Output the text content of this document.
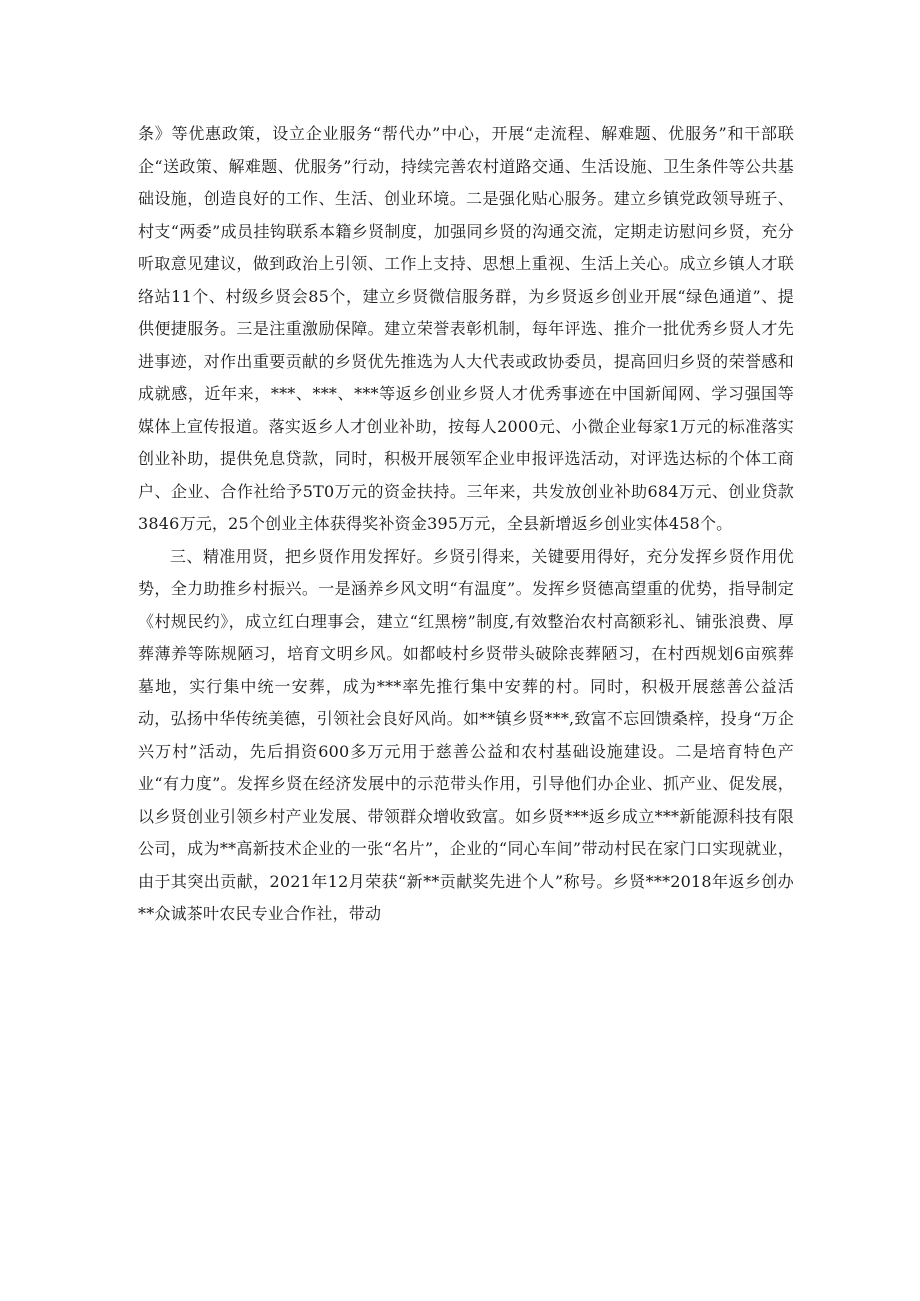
条》等优惠政策，设立企业服务“帮代办”中心，开展“走流程、解难题、优服务”和干部联企“送政策、解难题、优服务”行动，持续完善农村道路交通、生活设施、卫生条件等公共基础设施，创造良好的工作、生活、创业环境。二是强化贴心服务。建立乡镇党政领导班子、村支“两委”成员挂钩联系本籍乡贤制度，加强同乡贤的沟通交流，定期走访慰问乡贤，充分听取意见建议，做到政治上引领、工作上支持、思想上重视、生活上关心。成立乡镇人才联络站11个、村级乡贤会85个，建立乡贤微信服务群，为乡贤返乡创业开展“绿色通道”、提供便捷服务。三是注重激励保障。建立荣誉表彰机制，每年评选、推介一批优秀乡贤人才先进事迹，对作出重要贡献的乡贤优先推选为人大代表或政协委员，提高回归乡贤的荣誉感和成就感，近年来，***、***、***等返乡创业乡贤人才优秀事迹在中国新闻网、学习强国等媒体上宣传报道。落实返乡人才创业补助，按每人2000元、小微企业每家1万元的标准落实创业补助，提供免息贷款，同时，积极开展领军企业申报评选活动，对评选达标的个体工商户、企业、合作社给予5T0万元的资金扶持。三年来，共发放创业补助684万元、创业贷款3846万元，25个创业主体获得奖补资金395万元，全县新增返乡创业实体458个。

三、精准用贤，把乡贤作用发挥好。乡贤引得来，关键要用得好，充分发挥乡贤作用优势，全力助推乡村振兴。一是涵养乡风文明“有温度”。发挥乡贤德高望重的优势，指导制定《村规民约》，成立红白理事会，建立“红黑榜”制度,有效整治农村高额彩礼、铺张浪费、厚葬薄养等陈规陋习，培育文明乡风。如都岐村乡贤带头破除丧葬陋习，在村西规划6亩殡葬墓地，实行集中统一安葬，成为***率先推行集中安葬的村。同时，积极开展慈善公益活动，弘扬中华传统美德，引领社会良好风尚。如**镇乡贤***,致富不忘回馈桑梓，投身“万企兴万村”活动，先后捐资600多万元用于慈善公益和农村基础设施建设。二是培育特色产业“有力度”。发挥乡贤在经济发展中的示范带头作用，引导他们办企业、抓产业、促发展，以乡贤创业引领乡村产业发展、带领群众增收致富。如乡贤***返乡成立***新能源科技有限公司，成为**高新技术企业的一张“名片”，企业的“同心车间”带动村民在家门口实现就业，由于其突出贡献，2021年12月荣获“新**贡献奖先进个人”称号。乡贤***2018年返乡创办**众诚茶叶农民专业合作社，带动
